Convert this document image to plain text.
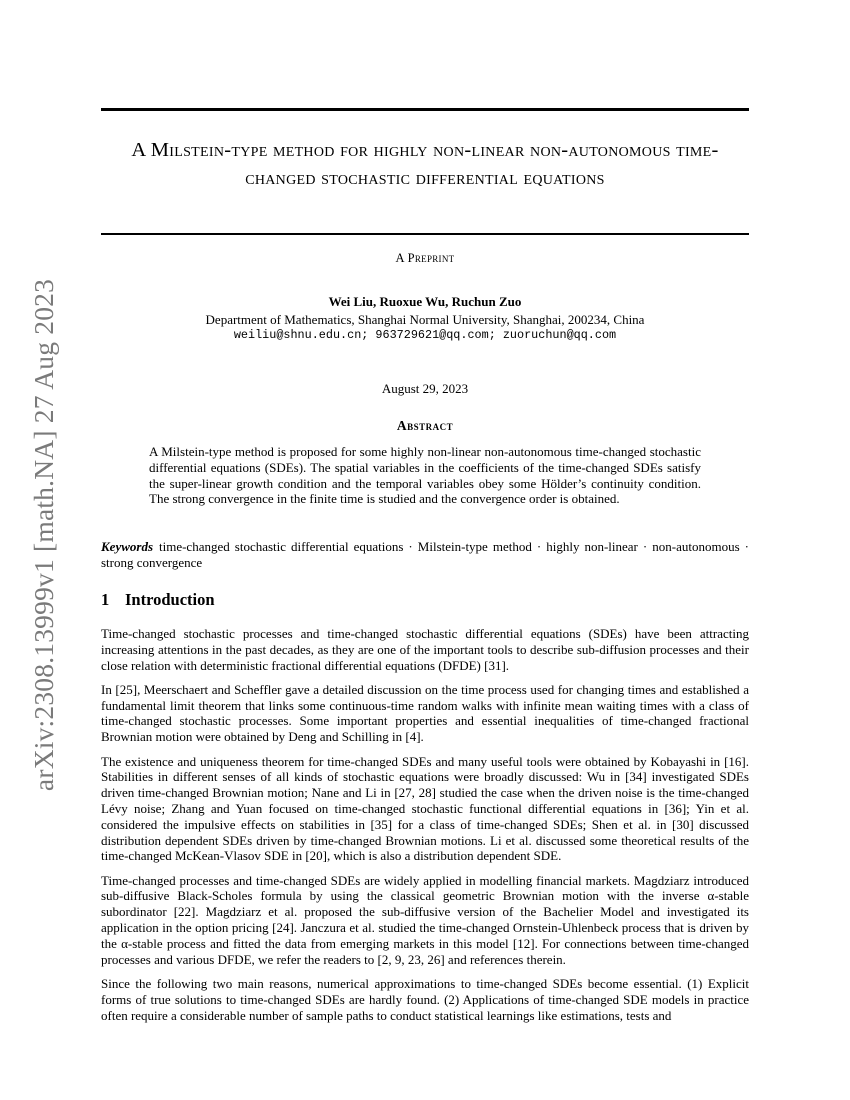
arXiv:2308.13999v1 [math.NA] 27 Aug 2023
A Milstein-type method for highly non-linear non-autonomous time-changed stochastic differential equations
A Preprint
Wei Liu, Ruoxue Wu, Ruchun Zuo
Department of Mathematics, Shanghai Normal University, Shanghai, 200234, China
weiliu@shnu.edu.cn; 963729621@qq.com; zuoruchun@qq.com
August 29, 2023
Abstract
A Milstein-type method is proposed for some highly non-linear non-autonomous time-changed stochastic differential equations (SDEs). The spatial variables in the coefficients of the time-changed SDEs satisfy the super-linear growth condition and the temporal variables obey some Hölder’s continuity condition. The strong convergence in the finite time is studied and the convergence order is obtained.
Keywords time-changed stochastic differential equations · Milstein-type method · highly non-linear · non-autonomous · strong convergence
1 Introduction

Time-changed stochastic processes and time-changed stochastic differential equations (SDEs) have been attracting increasing attentions in the past decades, as they are one of the important tools to describe sub-diffusion processes and their close relation with deterministic fractional differential equations (DFDE) [31].

In [25], Meerschaert and Scheffler gave a detailed discussion on the time process used for changing times and established a fundamental limit theorem that links some continuous-time random walks with infinite mean waiting times with a class of time-changed stochastic processes. Some important properties and essential inequalities of time-changed fractional Brownian motion were obtained by Deng and Schilling in [4].

The existence and uniqueness theorem for time-changed SDEs and many useful tools were obtained by Kobayashi in [16]. Stabilities in different senses of all kinds of stochastic equations were broadly discussed: Wu in [34] investigated SDEs driven time-changed Brownian motion; Nane and Li in [27, 28] studied the case when the driven noise is the time-changed Lévy noise; Zhang and Yuan focused on time-changed stochastic functional differential equations in [36]; Yin et al. considered the impulsive effects on stabilities in [35] for a class of time-changed SDEs; Shen et al. in [30] discussed distribution dependent SDEs driven by time-changed Brownian motions. Li et al. discussed some theoretical results of the time-changed McKean-Vlasov SDE in [20], which is also a distribution dependent SDE.

Time-changed processes and time-changed SDEs are widely applied in modelling financial markets. Magdziarz introduced sub-diffusive Black-Scholes formula by using the classical geometric Brownian motion with the inverse α-stable subordinator [22]. Magdziarz et al. proposed the sub-diffusive version of the Bachelier Model and investigated its application in the option pricing [24]. Janczura et al. studied the time-changed Ornstein-Uhlenbeck process that is driven by the α-stable process and fitted the data from emerging markets in this model [12]. For connections between time-changed processes and various DFDE, we refer the readers to [2, 9, 23, 26] and references therein.

Since the following two main reasons, numerical approximations to time-changed SDEs become essential. (1) Explicit forms of true solutions to time-changed SDEs are hardly found. (2) Applications of time-changed SDE models in practice often require a considerable number of sample paths to conduct statistical learnings like estimations, tests and
